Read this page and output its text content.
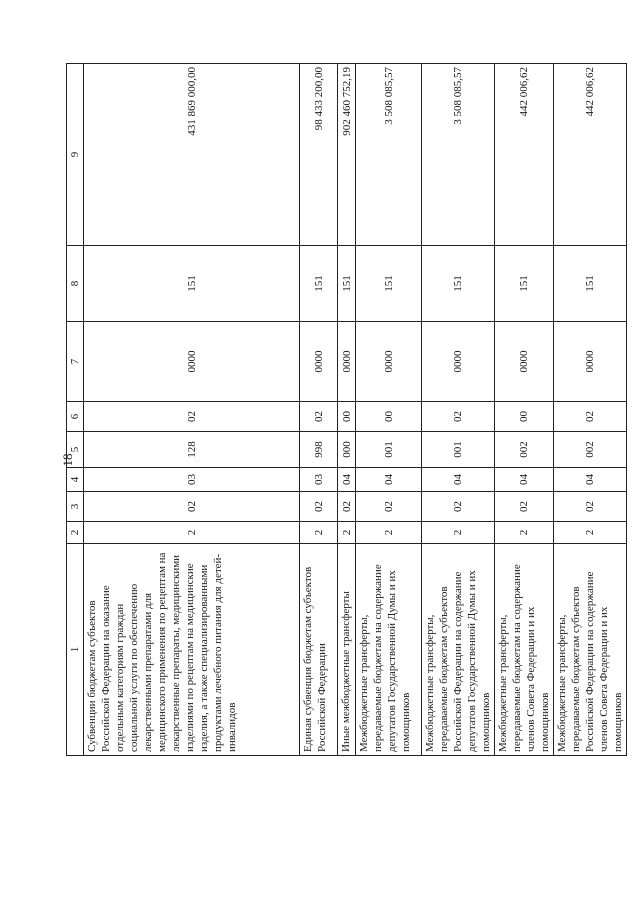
18
1	2	3	4	5	6	7	8	9
Субвенции бюджетам субъектов Российской Федерации на оказание отдельным категориям граждан социальной услуги по обеспечению лекарственными препаратами для медицинского применения по рецептам на лекарственные препараты, медицинскими изделиями по рецептам на медицинские изделия, а также специализированными продуктами лечебного питания для детей-инвалидов	2	02	03	128	02	0000	151	431 869 000,00
Единая субвенция бюджетам субъектов Российской Федерации	2	02	03	998	02	0000	151	98 433 200,00
Иные межбюджетные трансферты	2	02	04	000	00	0000	151	902 460 752,19
Межбюджетные трансферты, передаваемые бюджетам на содержание депутатов Государственной Думы и их помощников	2	02	04	001	00	0000	151	3 508 085,57
Межбюджетные трансферты, передаваемые бюджетам субъектов Российской Федерации на содержание депутатов Государственной Думы и их помощников	2	02	04	001	02	0000	151	3 508 085,57
Межбюджетные трансферты, передаваемые бюджетам на содержание членов Совета Федерации и их помощников	2	02	04	002	00	0000	151	442 006,62
Межбюджетные трансферты, передаваемые бюджетам субъектов Российской Федерации на содержание членов Совета Федерации и их помощников	2	02	04	002	02	0000	151	442 006,62
